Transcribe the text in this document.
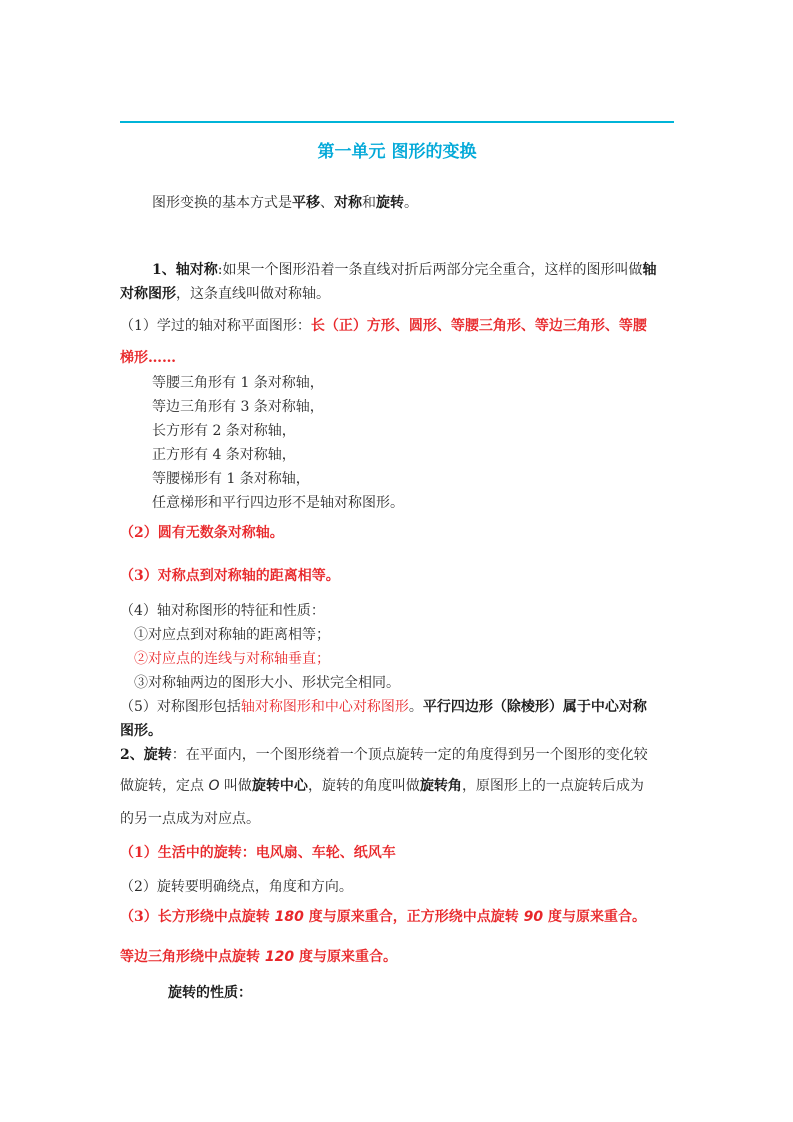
第一单元 图形的变换
图形变换的基本方式是平移、对称和旋转。
1、轴对称:如果一个图形沿着一条直线对折后两部分完全重合，这样的图形叫做轴
对称图形，这条直线叫做对称轴。
（1）学过的轴对称平面图形：长（正）方形、圆形、等腰三角形、等边三角形、等腰
梯形……
等腰三角形有 1 条对称轴，
等边三角形有 3 条对称轴，
长方形有 2 条对称轴，
正方形有 4 条对称轴，
等腰梯形有 1 条对称轴，
任意梯形和平行四边形不是轴对称图形。
（2）圆有无数条对称轴。
（3）对称点到对称轴的距离相等。
（4）轴对称图形的特征和性质：
①对应点到对称轴的距离相等；
②对应点的连线与对称轴垂直；
③对称轴两边的图形大小、形状完全相同。
（5）对称图形包括轴对称图形和中心对称图形。平行四边形（除棱形）属于中心对称
图形。
2、旋转：在平面内，一个图形绕着一个顶点旋转一定的角度得到另一个图形的变化较
做旋转，定点 O 叫做旋转中心，旋转的角度叫做旋转角，原图形上的一点旋转后成为
的另一点成为对应点。
（1）生活中的旋转：电风扇、车轮、纸风车
（2）旋转要明确绕点，角度和方向。
（3）长方形绕中点旋转 180 度与原来重合，正方形绕中点旋转 90 度与原来重合。
等边三角形绕中点旋转 120 度与原来重合。
旋转的性质：
